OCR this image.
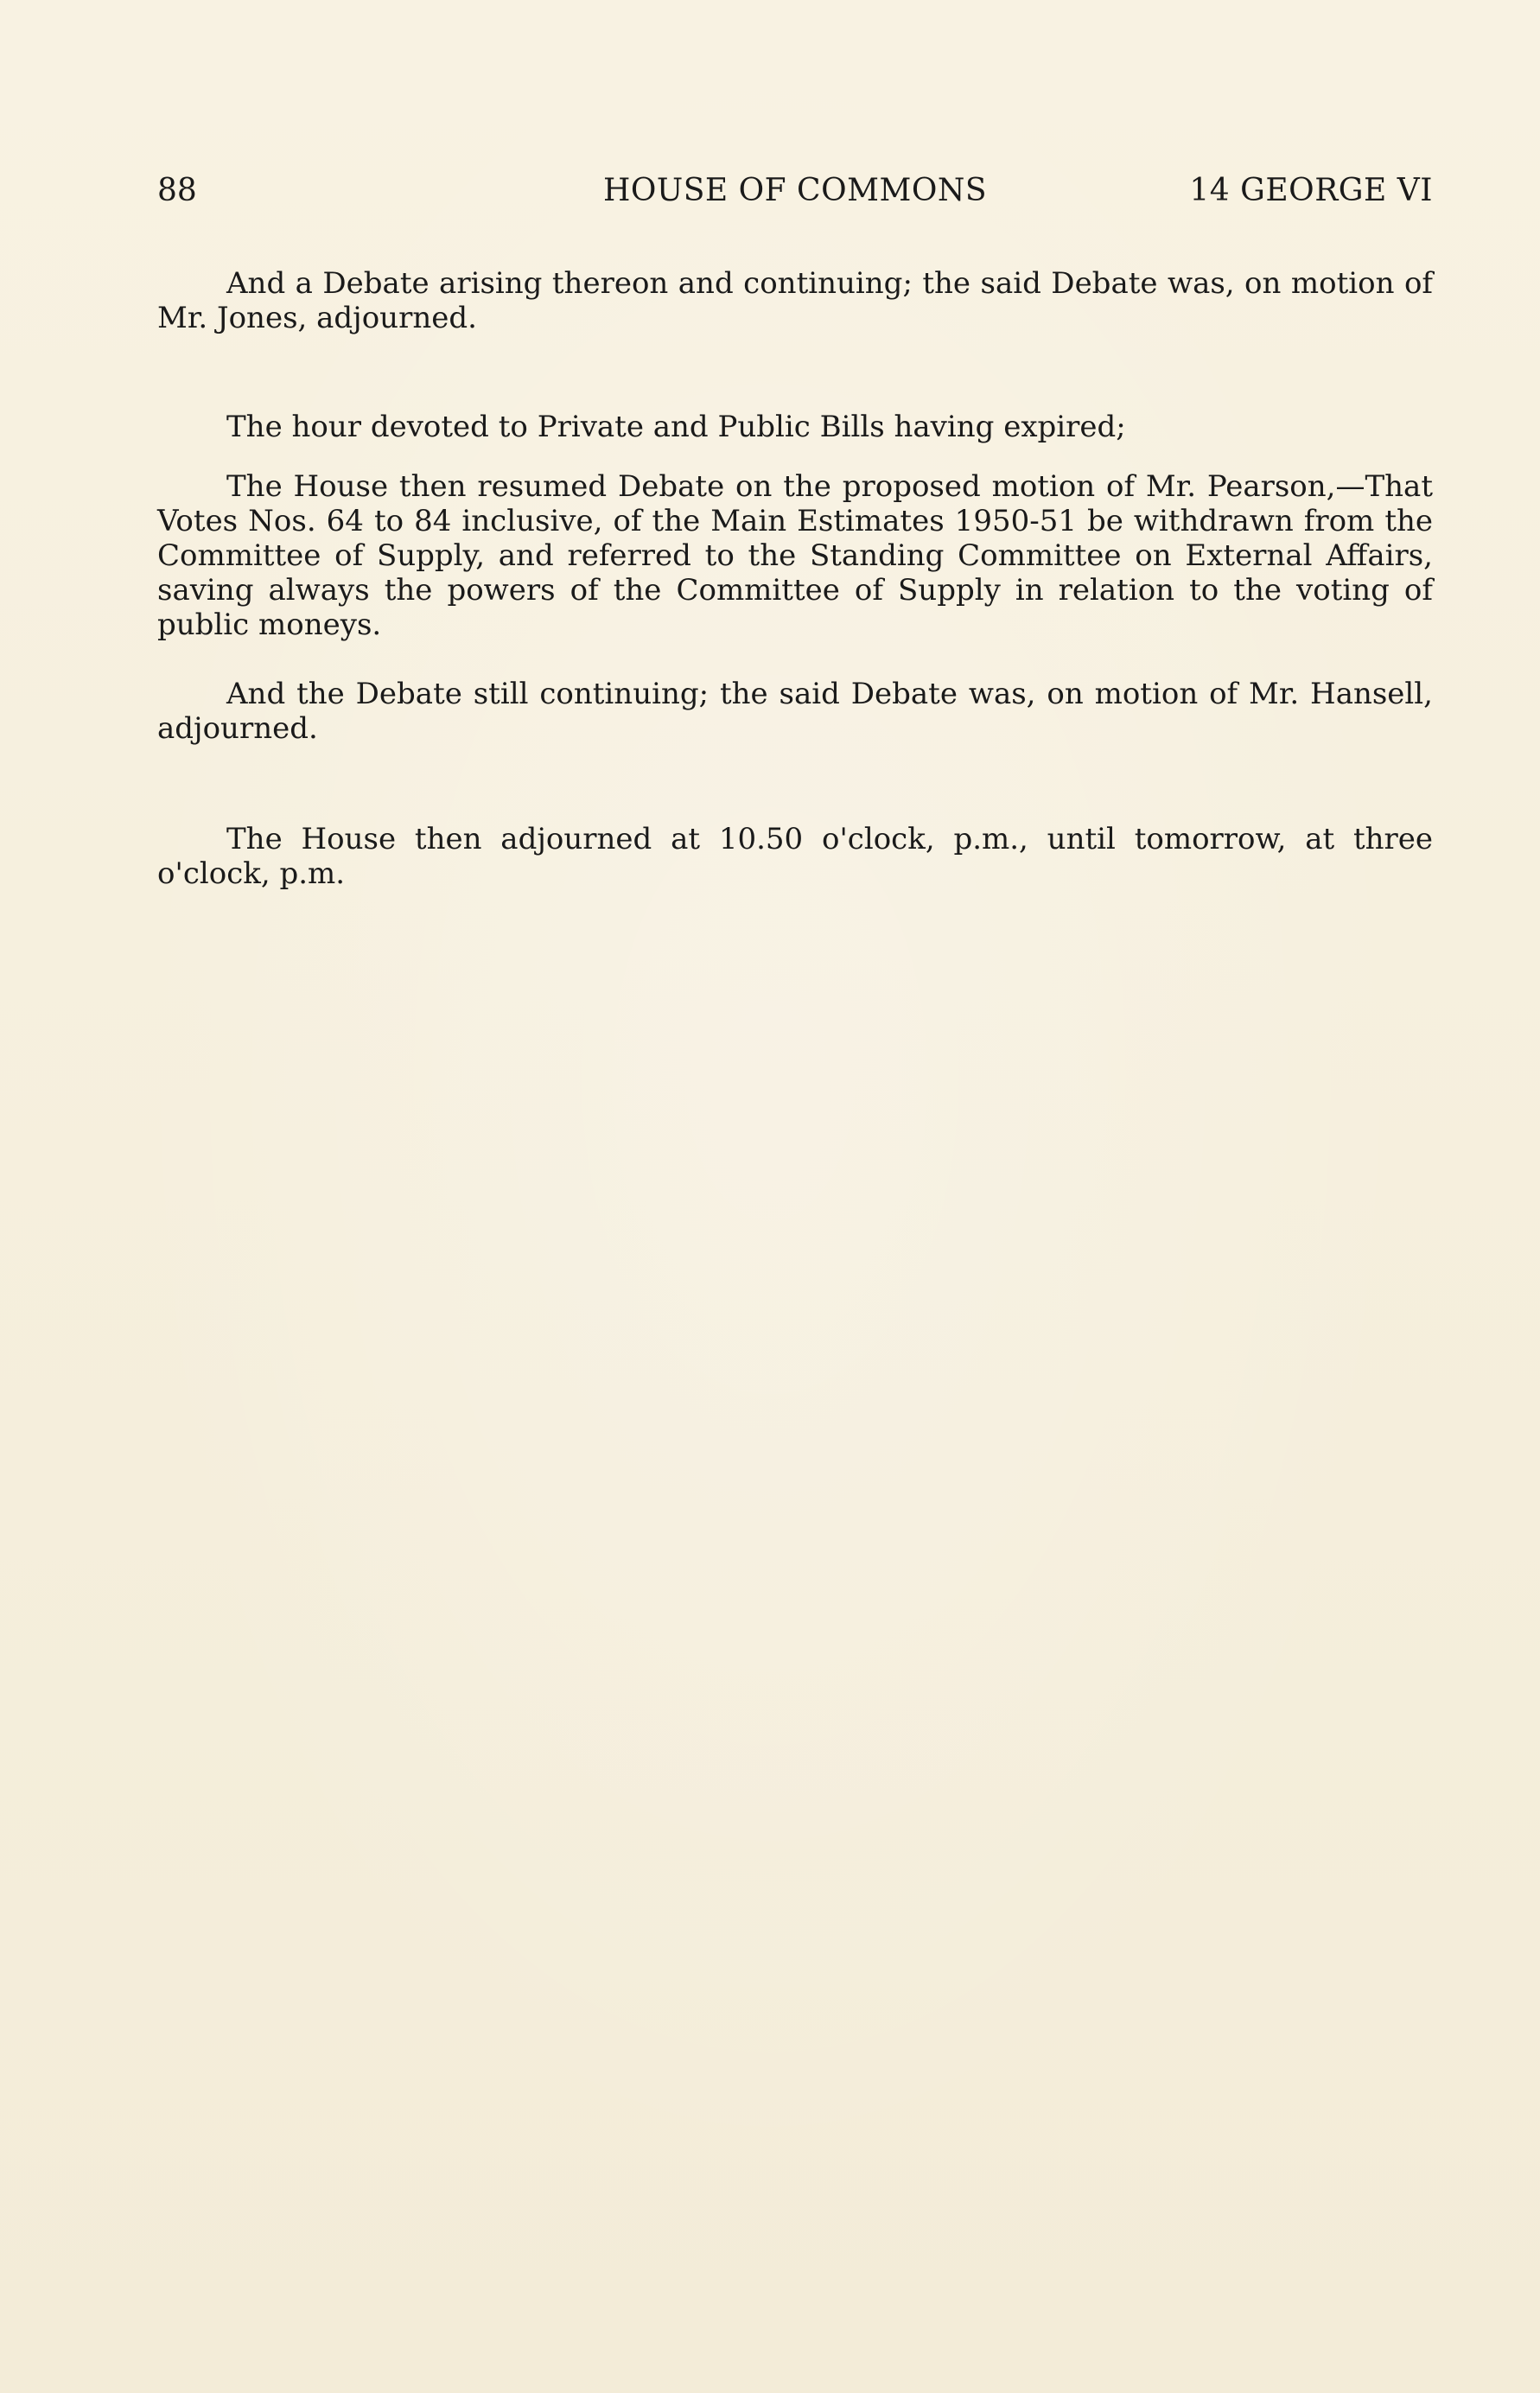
88	HOUSE OF COMMONS	14 GEORGE VI

And a Debate arising thereon and continuing; the said Debate was, on motion of Mr. Jones, adjourned.

The hour devoted to Private and Public Bills having expired;

The House then resumed Debate on the proposed motion of Mr. Pearson,—That Votes Nos. 64 to 84 inclusive, of the Main Estimates 1950-51 be withdrawn from the Committee of Supply, and referred to the Standing Committee on External Affairs, saving always the powers of the Committee of Supply in relation to the voting of public moneys.

And the Debate still continuing; the said Debate was, on motion of Mr. Hansell, adjourned.

The House then adjourned at 10.50 o'clock, p.m., until tomorrow, at three o'clock, p.m.
